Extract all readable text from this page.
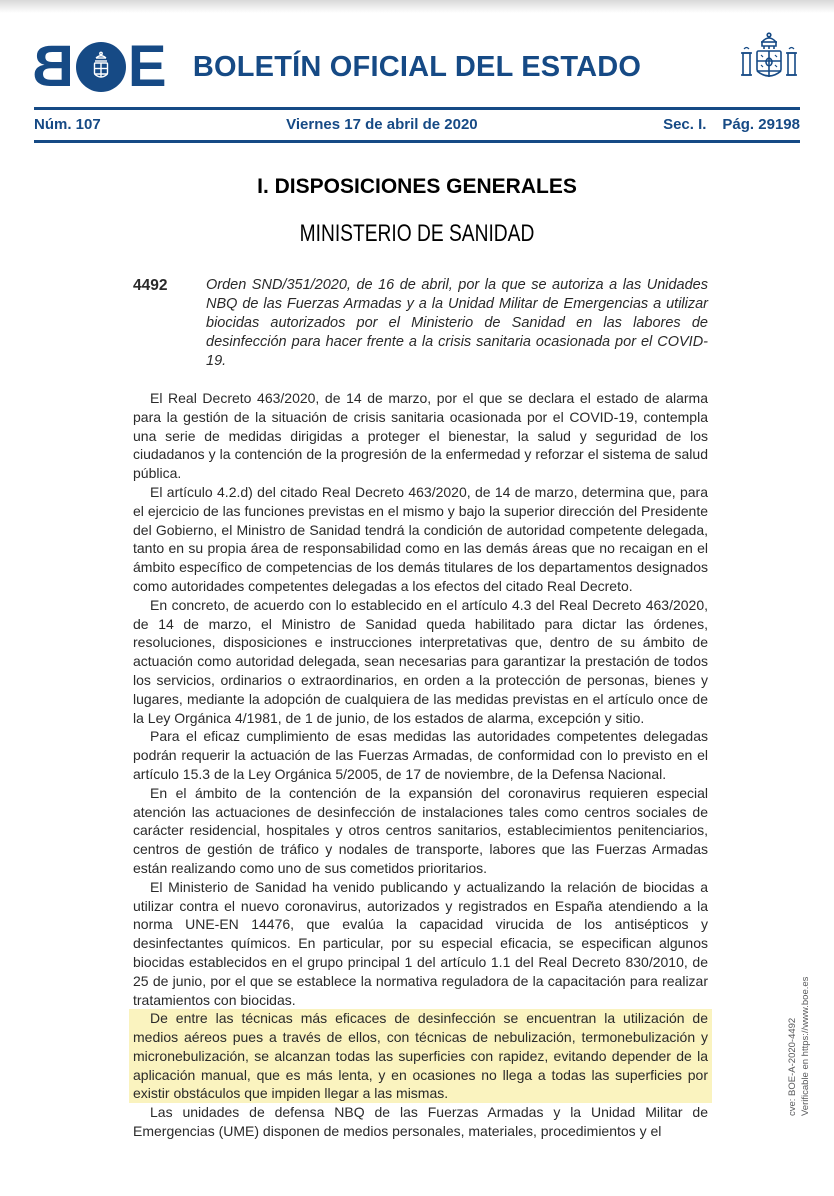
B E BOLETÍN OFICIAL DEL ESTADO
Núm. 107	Viernes 17 de abril de 2020	Sec. I. Pág. 29198
I. DISPOSICIONES GENERALES
MINISTERIO DE SANIDAD
4492	Orden SND/351/2020, de 16 de abril, por la que se autoriza a las Unidades NBQ de las Fuerzas Armadas y a la Unidad Militar de Emergencias a utilizar biocidas autorizados por el Ministerio de Sanidad en las labores de desinfección para hacer frente a la crisis sanitaria ocasionada por el COVID-19.

El Real Decreto 463/2020, de 14 de marzo, por el que se declara el estado de alarma para la gestión de la situación de crisis sanitaria ocasionada por el COVID-19, contempla una serie de medidas dirigidas a proteger el bienestar, la salud y seguridad de los ciudadanos y la contención de la progresión de la enfermedad y reforzar el sistema de salud pública.

El artículo 4.2.d) del citado Real Decreto 463/2020, de 14 de marzo, determina que, para el ejercicio de las funciones previstas en el mismo y bajo la superior dirección del Presidente del Gobierno, el Ministro de Sanidad tendrá la condición de autoridad competente delegada, tanto en su propia área de responsabilidad como en las demás áreas que no recaigan en el ámbito específico de competencias de los demás titulares de los departamentos designados como autoridades competentes delegadas a los efectos del citado Real Decreto.

En concreto, de acuerdo con lo establecido en el artículo 4.3 del Real Decreto 463/2020, de 14 de marzo, el Ministro de Sanidad queda habilitado para dictar las órdenes, resoluciones, disposiciones e instrucciones interpretativas que, dentro de su ámbito de actuación como autoridad delegada, sean necesarias para garantizar la prestación de todos los servicios, ordinarios o extraordinarios, en orden a la protección de personas, bienes y lugares, mediante la adopción de cualquiera de las medidas previstas en el artículo once de la Ley Orgánica 4/1981, de 1 de junio, de los estados de alarma, excepción y sitio.

Para el eficaz cumplimiento de esas medidas las autoridades competentes delegadas podrán requerir la actuación de las Fuerzas Armadas, de conformidad con lo previsto en el artículo 15.3 de la Ley Orgánica 5/2005, de 17 de noviembre, de la Defensa Nacional.

En el ámbito de la contención de la expansión del coronavirus requieren especial atención las actuaciones de desinfección de instalaciones tales como centros sociales de carácter residencial, hospitales y otros centros sanitarios, establecimientos penitenciarios, centros de gestión de tráfico y nodales de transporte, labores que las Fuerzas Armadas están realizando como uno de sus cometidos prioritarios.

El Ministerio de Sanidad ha venido publicando y actualizando la relación de biocidas a utilizar contra el nuevo coronavirus, autorizados y registrados en España atendiendo a la norma UNE-EN 14476, que evalúa la capacidad virucida de los antisépticos y desinfectantes químicos. En particular, por su especial eficacia, se especifican algunos biocidas establecidos en el grupo principal 1 del artículo 1.1 del Real Decreto 830/2010, de 25 de junio, por el que se establece la normativa reguladora de la capacitación para realizar tratamientos con biocidas.

De entre las técnicas más eficaces de desinfección se encuentran la utilización de medios aéreos pues a través de ellos, con técnicas de nebulización, termonebulización y micronebulización, se alcanzan todas las superficies con rapidez, evitando depender de la aplicación manual, que es más lenta, y en ocasiones no llega a todas las superficies por existir obstáculos que impiden llegar a las mismas.

Las unidades de defensa NBQ de las Fuerzas Armadas y la Unidad Militar de Emergencias (UME) disponen de medios personales, materiales, procedimientos y el

cve: BOE-A-2020-4492 Verificable en https://www.boe.es
